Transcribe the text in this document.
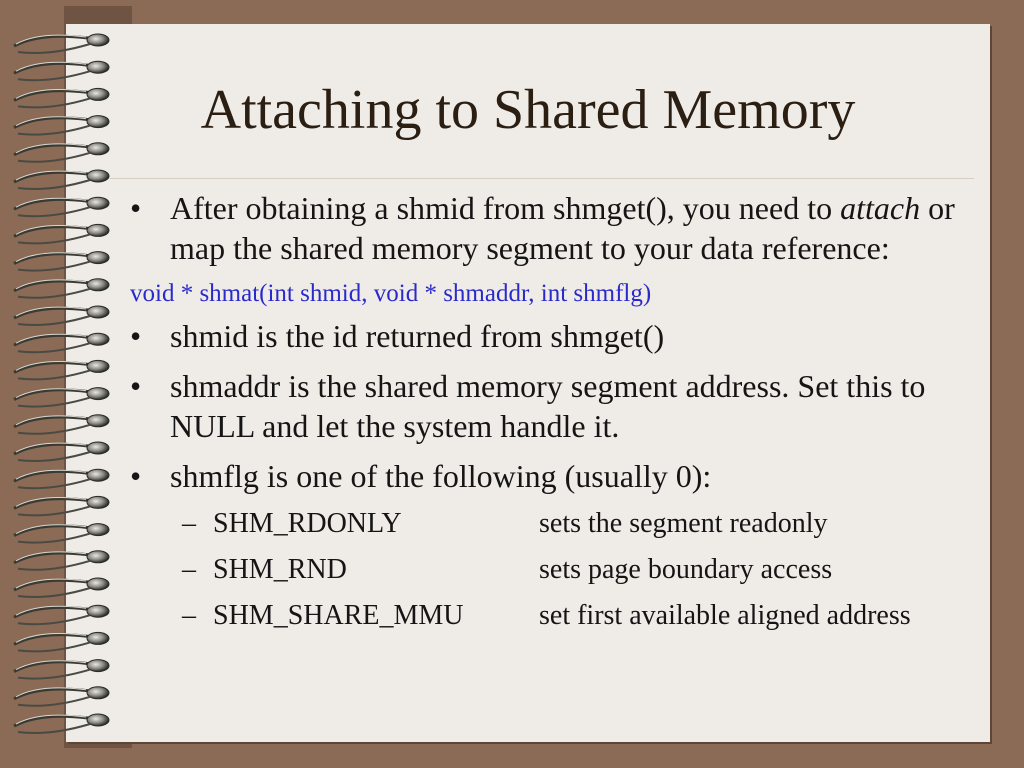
Attaching to Shared Memory
• After obtaining a shmid from shmget(), you need to attach or map the shared memory segment to your data reference:
void * shmat(int shmid, void * shmaddr, int shmflg)
• shmid is the id returned from shmget()
• shmaddr is the shared memory segment address. Set this to NULL and let the system handle it.
• shmflg is one of the following (usually 0):
– SHM_RDONLY	sets the segment readonly
– SHM_RND	sets page boundary access
– SHM_SHARE_MMU	set first available aligned address
